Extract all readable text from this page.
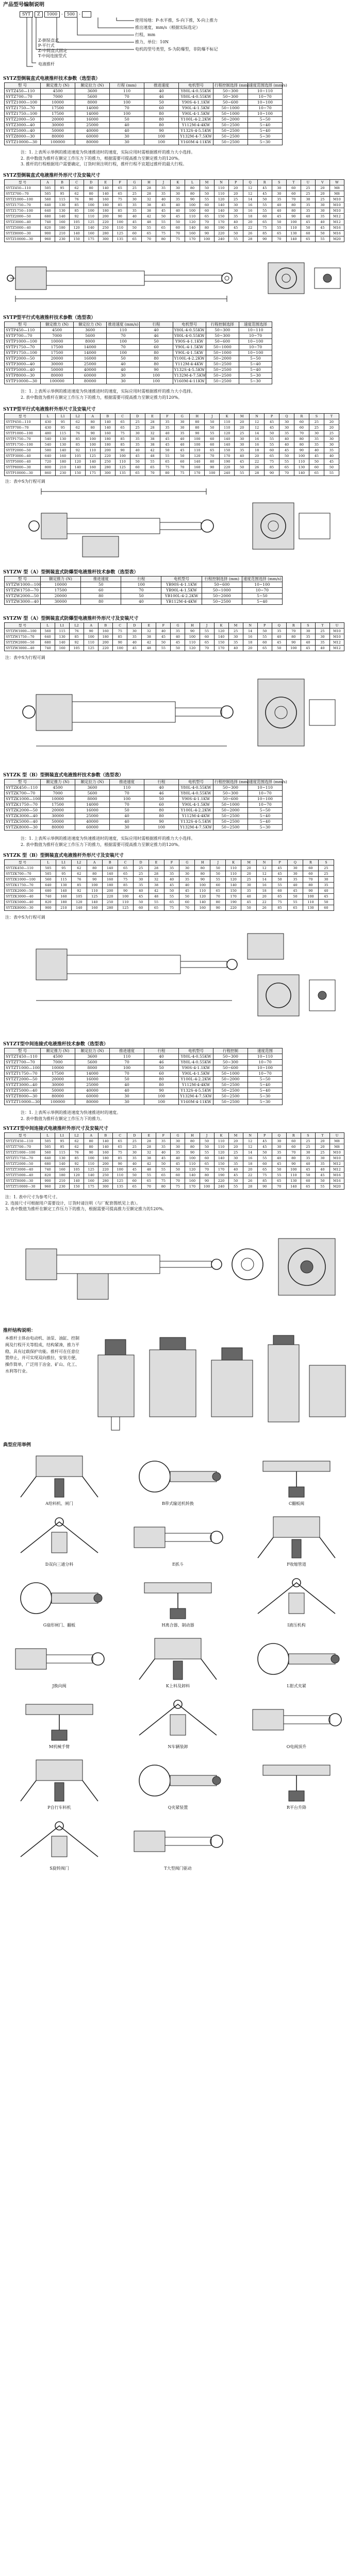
产品型号编制说明
SYT	Z	1000	-	500	-
使用场地：P-水平推，S-向下推，X-向上推力
推出速度，mm/s（根据实际选定）
行程，mm
推力，单位：10N
电机的型号类型，S-为防爆型，非防爆不标记
Z-倒装直式
P-平行式
Z-中间直式固定
T-中间连接型式
电液推杆
SYTZ型倒装直式电液推杆技术参数（选型表）
型 号	额定推力 (N)	额定拉力 (N)	行程 (mm)	推进速度	电机型号	行程控制选择 (mm)	速度范围选择 (mm/s)
SYTZ450—110	4500	3600	110	40	Y80L-4-0.55KW	50~300	10~110
SYTZ700—70	7000	5600	70	46	Y80L-4-0.55KW	50~300	10~70
SYTZ1000—100	10000	8000	100	50	Y90S-4-1.1KW	50~600	10~100
SYTZ1750—70	17500	14000	70	60	Y90L-4-1.5KW	50~1000	10~70
SYTZ1750—100	17500	14000	100	80	Y90L-4-1.5KW	50~1000	10~100
SYTZ2000—50	20000	16000	50	80	Y100L-4-2.2KW	50~2000	5~50
SYTZ3000—40	30000	25000	40	80	Y112M-4-4KW	50~2500	5~40
SYTZ5000—40	50000	40000	40	90	Y132S-4-5.5KW	50~2500	5~40
SYTZ8000—30	80000	60000	30	100	Y132M-4-7.5KW	50~2500	5~30
SYTZ10000—30	100000	80000	30	100	Y160M-4-11KW	50~2500	5~30
注：1. 上表所示举例的推进速度为快速推进时的速度，实际应用时需根据推杆的推力大小选择。
2. 表中数值为推杆在额定工作压力下的推力，根据需要可提高推力至额定推力的120%。
3. 推杆的行程根据用户需要确定，订货时须注明行程，推杆行程不宜超过推杆的最大行程。
SYTZ型倒装直式电液推杆外形尺寸及安装尺寸
型 号	A	B	C	D	E	F	G	H	J	K	L	M	N	P	Q	R	S	T	U	V	W
SYTZ450—110	505	95	62	80	140	65	25	28	35	30	80	50	110	20	12	45	30	60	25	20	M8
SYTZ700—70	505	95	62	80	140	65	25	28	35	30	80	50	110	20	12	45	30	60	25	20	M8
SYTZ1000—100	560	115	76	90	160	75	30	32	40	35	90	55	120	25	14	50	35	70	30	25	M10
SYTZ1750—70	640	130	85	100	180	85	35	38	45	40	100	60	140	30	16	55	40	80	35	30	M10
SYTZ1750—100	640	130	85	100	180	85	35	38	45	40	100	60	140	30	16	55	40	80	35	30	M10
SYTZ2000—50	680	140	92	110	200	90	40	42	50	45	110	65	150	35	18	60	45	90	40	35	M12
SYTZ3000—40	740	160	105	125	220	100	45	48	55	50	120	70	170	40	20	65	50	100	45	40	M12
SYTZ5000—40	820	180	120	140	250	110	50	55	65	60	140	80	190	45	22	75	55	110	50	45	M16
SYTZ8000—30	900	210	140	160	280	125	60	65	75	70	160	90	220	50	26	85	65	130	60	50	M16
SYTZ10000—30	960	230	150	175	300	135	65	70	80	75	170	100	240	55	28	90	70	140	65	55	M20
SYTP型平行式电液推杆技术参数（选型表）
型 号	额定推力 (N)	额定拉力 (N)	推进速度 (mm/s)	行程	电机型号	行程控制选择	速度范围选择
SYTP450—110	4500	3600	110	40	Y80L-4-0.55KW	50~300	10~110
SYTP700—70	7000	5600	70	46	Y80L-4-0.55KW	50~300	10~70
SYTP1000—100	10000	8000	100	50	Y90S-4-1.1KW	50~600	10~100
SYTP1750—70	17500	14000	70	60	Y90L-4-1.5KW	50~1000	10~70
SYTP1750—100	17500	14000	100	80	Y90L-4-1.5KW	50~1000	10~100
SYTP2000—50	20000	16000	50	80	Y100L-4-2.2KW	50~2000	5~50
SYTP3000—40	30000	25000	40	80	Y112M-4-4KW	50~2500	5~40
SYTP5000—40	50000	40000	40	90	Y132S-4-5.5KW	50~2500	5~40
SYTP8000—30	80000	60000	30	100	Y132M-4-7.5KW	50~2500	5~30
SYTP10000—30	100000	80000	30	100	Y160M-4-11KW	50~2500	5~30
注：1. 上表所示举例的推进速度为快速推进时的速度，实际应用时需根据推杆的推力大小选择。
2. 表中数值为推杆在额定工作压力下的推力，根据需要可提高推力至额定推力的120%。
SYTP型平行式电液推杆外形尺寸及安装尺寸
型 号	L	L1	L2	A	B	C	D	E	F	G	H	J	K	M	N	P	Q	R	S	T
SYTP450—110	430	95	62	80	140	65	25	28	35	30	80	50	110	20	12	45	30	60	25	20
SYTP700—70	430	95	62	80	140	65	25	28	35	30	80	50	110	20	12	45	30	60	25	20
SYTP1000—100	480	115	76	90	160	75	30	32	40	35	90	55	120	25	14	50	35	70	30	25
SYTP1750—70	540	130	85	100	180	85	35	38	45	40	100	60	140	30	16	55	40	80	35	30
SYTP1750—100	540	130	85	100	180	85	35	38	45	40	100	60	140	30	16	55	40	80	35	30
SYTP2000—50	580	140	92	110	200	90	40	42	50	45	110	65	150	35	18	60	45	90	40	35
SYTP3000—40	640	160	105	125	220	100	45	48	55	50	120	70	170	40	20	65	50	100	45	40
SYTP5000—40	720	180	120	140	250	110	50	55	65	60	140	80	190	45	22	75	55	110	50	45
SYTP8000—30	800	210	140	160	280	125	60	65	75	70	160	90	220	50	26	85	65	130	60	50
SYTP10000—30	860	230	150	175	300	135	65	70	80	75	170	100	240	55	28	90	70	140	65	55
注：表中S为行程可调
SYTZW 型（A）型倒装直式防爆型电液推杆技术参数（选型表）
型 号	额定推力 (N)	推进速度	行程	电机型号	行程控制选择 (mm)	速度范围选择 (mm/s)
SYTZW1000—100	10000	50	100	YB90S-4-1.1KW	50~600	10~100
SYTZW1750—70	17500	60	70	YB90L-4-1.5KW	50~1000	10~70
SYTZW2000—50	20000	80	50	YB100L-4-2.2KW	50~2000	5~50
SYTZW3000—40	30000	80	40	YB112M-4-4KW	50~2500	5~40
SYTZW 型（A）型倒装直式防爆型电液推杆外形尺寸及安装尺寸
型 号	L	L1	L2	A	B	C	D	E	F	G	H	J	K	M	N	P	Q	R	S	T	U
SYTZW1000—100	560	115	76	90	160	75	30	32	40	35	90	55	120	25	14	50	35	70	30	25	M10
SYTZW1750—70	640	130	85	100	180	85	35	38	45	40	100	60	140	30	16	55	40	80	35	30	M10
SYTZW2000—50	680	140	92	110	200	90	40	42	50	45	110	65	150	35	18	60	45	90	40	35	M12
SYTZW3000—40	740	160	105	125	220	100	45	48	55	50	120	70	170	40	20	65	50	100	45	40	M12
注：表中S为行程可调
SYTZK 型（B）型倒装直式电液推杆技术参数（选型表）
型 号	额定推力 (N)	额定拉力 (N)	推进速度	行程	电机型号	行程控制选择 (mm)	速度范围选择 (mm/s)
SYTZK450—110	4500	3600	110	40	Y80L-4-0.55KW	50~300	10~110
SYTZK700—70	7000	5600	70	46	Y80L-4-0.55KW	50~300	10~70
SYTZK1000—100	10000	8000	100	50	Y90S-4-1.1KW	50~600	10~100
SYTZK1750—70	17500	14000	70	60	Y90L-4-1.5KW	50~1000	10~70
SYTZK2000—50	20000	16000	50	80	Y100L-4-2.2KW	50~2000	5~50
SYTZK3000—40	30000	25000	40	80	Y112M-4-4KW	50~2500	5~40
SYTZK5000—40	50000	40000	40	90	Y132S-4-5.5KW	50~2500	5~40
SYTZK8000—30	80000	60000	30	100	Y132M-4-7.5KW	50~2500	5~30
注：1. 上表所示举例的推进速度为快速推进时的速度，实际应用时需根据推杆的推力大小选择。
2. 表中数值为推杆在额定工作压力下的推力，根据需要可提高推力至额定推力的120%。
SYTZK 型（B）型倒装直式电液推杆外形尺寸及安装尺寸
型 号	L	L1	L2	A	B	C	D	E	F	G	H	J	K	M	N	P	Q	R	S
SYTZK450—110	505	95	62	80	140	65	25	28	35	30	80	50	110	20	12	45	30	60	25
SYTZK700—70	505	95	62	80	140	65	25	28	35	30	80	50	110	20	12	45	30	60	25
SYTZK1000—100	560	115	76	90	160	75	30	32	40	35	90	55	120	25	14	50	35	70	30
SYTZK1750—70	640	130	85	100	180	85	35	38	45	40	100	60	140	30	16	55	40	80	35
SYTZK2000—50	680	140	92	110	200	90	40	42	50	45	110	65	150	35	18	60	45	90	40
SYTZK3000—40	740	160	105	125	220	100	45	48	55	50	120	70	170	40	20	65	50	100	45
SYTZK5000—40	820	180	120	140	250	110	50	55	65	60	140	80	190	45	22	75	55	110	50
SYTZK8000—30	900	210	140	160	280	125	60	65	75	70	160	90	220	50	26	85	65	130	60
注：表中S为行程可调
SYTZT型中间连接式电液推杆技术参数（选型表）
型 号	额定推力 (N)	额定拉力 (N)	推进速度	行程	电机型号	行程控制	速度范围
SYTZT450—110	4500	3600	110	40	Y80L-4-0.55KW	50~300	10~110
SYTZT700—70	7000	5600	70	46	Y80L-4-0.55KW	50~300	10~70
SYTZT1000—100	10000	8000	100	50	Y90S-4-1.1KW	50~600	10~100
SYTZT1750—70	17500	14000	70	60	Y90L-4-1.5KW	50~1000	10~70
SYTZT2000—50	20000	16000	50	80	Y100L-4-2.2KW	50~2000	5~50
SYTZT3000—40	30000	25000	40	80	Y112M-4-4KW	50~2500	5~40
SYTZT5000—40	50000	40000	40	90	Y132S-4-5.5KW	50~2500	5~40
SYTZT8000—30	80000	60000	30	100	Y132M-4-7.5KW	50~2500	5~30
SYTZT10000—30	100000	80000	30	100	Y160M-4-11KW	50~2500	5~30
注：1. 上表所示举例的推进速度为快速推进时的速度。
2. 表中数值为推杆在额定工作压力下的推力。
SYTZT型中间连接式电液推杆外形尺寸及安装尺寸
型 号	L	L1	L2	A	B	C	D	E	F	G	H	J	K	M	N	P	Q	R	S	T	U
SYTZT450—110	505	95	62	80	140	65	25	28	35	30	80	50	110	20	12	45	30	60	25	20	M8
SYTZT700—70	505	95	62	80	140	65	25	28	35	30	80	50	110	20	12	45	30	60	25	20	M8
SYTZT1000—100	560	115	76	90	160	75	30	32	40	35	90	55	120	25	14	50	35	70	30	25	M10
SYTZT1750—70	640	130	85	100	180	85	35	38	45	40	100	60	140	30	16	55	40	80	35	30	M10
SYTZT2000—50	680	140	92	110	200	90	40	42	50	45	110	65	150	35	18	60	45	90	40	35	M12
SYTZT3000—40	740	160	105	125	220	100	45	48	55	50	120	70	170	40	20	65	50	100	45	40	M12
SYTZT5000—40	820	180	120	140	250	110	50	55	65	60	140	80	190	45	22	75	55	110	50	45	M16
SYTZT8000—30	900	210	140	160	280	125	60	65	75	70	160	90	220	50	26	85	65	130	60	50	M16
SYTZT10000—30	960	230	150	175	300	135	65	70	80	75	170	100	240	55	28	90	70	140	65	55	M20
注：1. 表中尺寸为参考尺寸。
2. 连接尺寸可根据用户需要设计，订货时请注明（与厂配套图纸见上表）。
3. 表中数值为推杆在额定工作压力下的推力，根据需要可提高推力至额定推力的120%。
推杆结构说明：
本推杆主体由电动机、油泵、油缸、控制阀及行程开关等组成，结构紧凑，推力平稳，具有过载保护功能。推杆可在任意位置停止，并可实现双向推拉，安装方便，操作简单，广泛用于冶金、矿山、化工、水利等行业。
典型应用举例
A给料机、闸门	B带式输送机转换	C翻板阀
D双向三通分料	E抓斗	F收缩管道
G扇形闸门、翻板	H离合器、制动器	I液压机构
J换向阀	K上料及卸料	L钳式夹紧
M机械手臂	N车辆装卸	O电阀顶升
P自行车料机	Q夹紧装置	R平台升降
S旋转阀门	T大型阀门驱动
